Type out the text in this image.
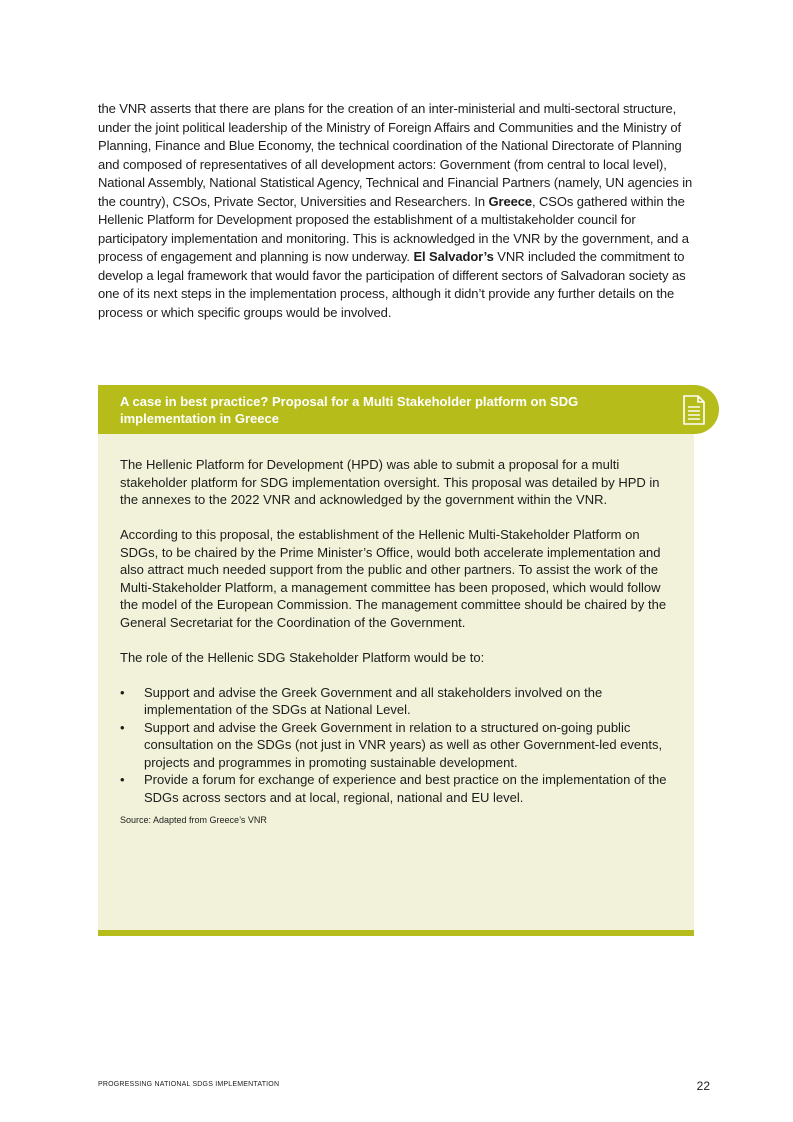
the VNR asserts that there are plans for the creation of an inter-ministerial and multi-sectoral structure, under the joint political leadership of the Ministry of Foreign Affairs and Communities and the Ministry of Planning, Finance and Blue Economy, the technical coordination of the National Directorate of Planning and composed of representatives of all development actors: Government (from central to local level), National Assembly, National Statistical Agency, Technical and Financial Partners (namely, UN agencies in the country), CSOs, Private Sector, Universities and Researchers. In Greece, CSOs gathered within the Hellenic Platform for Development proposed the establishment of a multistakeholder council for participatory implementation and monitoring. This is acknowledged in the VNR by the government, and a process of engagement and planning is now underway. El Salvador’s VNR included the commitment to develop a legal framework that would favor the participation of different sectors of Salvadoran society as one of its next steps in the implementation process, although it didn’t provide any further details on the process or which specific groups would be involved.

A case in best practice? Proposal for a Multi Stakeholder platform on SDG implementation in Greece

The Hellenic Platform for Development (HPD) was able to submit a proposal for a multi stakeholder platform for SDG implementation oversight. This proposal was detailed by HPD in the annexes to the 2022 VNR and acknowledged by the government within the VNR.

According to this proposal, the establishment of the Hellenic Multi-Stakeholder Platform on SDGs, to be chaired by the Prime Minister’s Office, would both accelerate implementation and also attract much needed support from the public and other partners. To assist the work of the Multi-Stakeholder Platform, a management committee has been proposed, which would follow the model of the European Commission. The management committee should be chaired by the General Secretariat for the Coordination of the Government.

The role of the Hellenic SDG Stakeholder Platform would be to:

• Support and advise the Greek Government and all stakeholders involved on the implementation of the SDGs at National Level.
• Support and advise the Greek Government in relation to a structured on-going public consultation on the SDGs (not just in VNR years) as well as other Government-led events, projects and programmes in promoting sustainable development.
• Provide a forum for exchange of experience and best practice on the implementation of the SDGs across sectors and at local, regional, national and EU level.
Source: Adapted from Greece’s VNR
PROGRESSING NATIONAL SDGS IMPLEMENTATION	22
